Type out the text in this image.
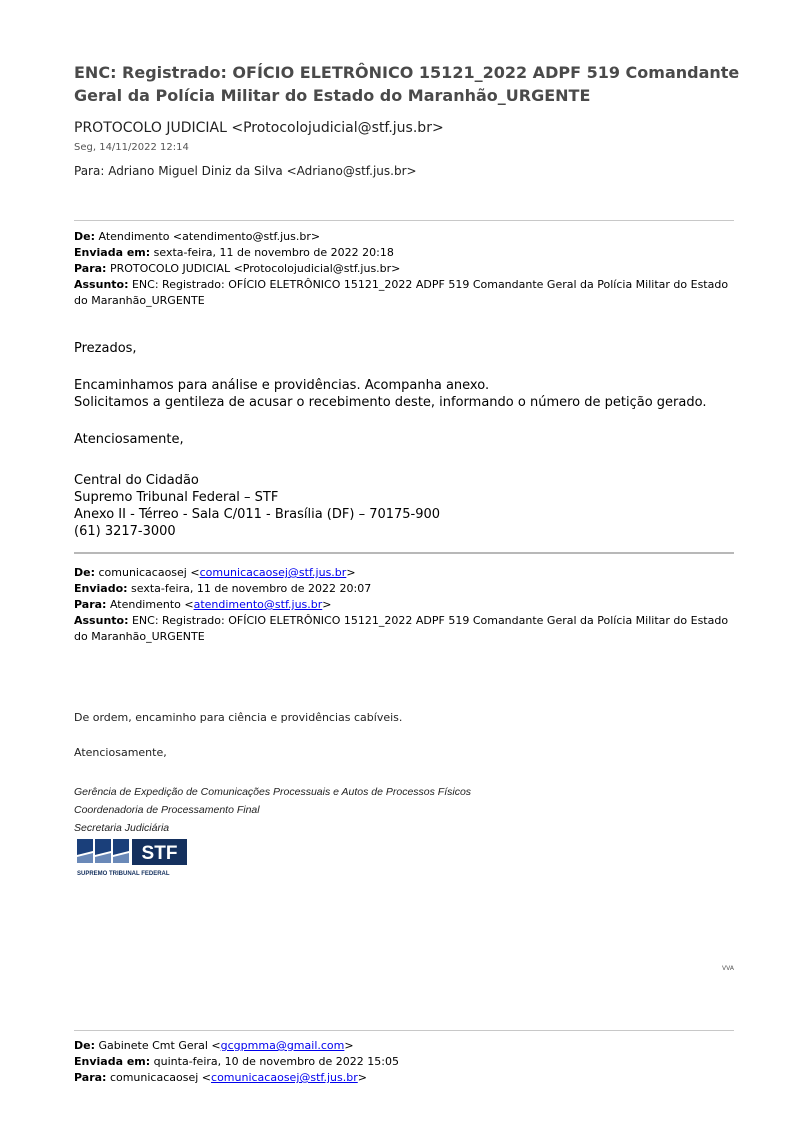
ENC: Registrado: OFÍCIO ELETRÔNICO 15121_2022 ADPF 519 Comandante Geral da Polícia Militar do Estado do Maranhão_URGENTE
PROTOCOLO JUDICIAL <Protocolojudicial@stf.jus.br>
Seg, 14/11/2022 12:14
Para: Adriano Miguel Diniz da Silva <Adriano@stf.jus.br>
De: Atendimento <atendimento@stf.jus.br>
Enviada em: sexta-feira, 11 de novembro de 2022 20:18
Para: PROTOCOLO JUDICIAL <Protocolojudicial@stf.jus.br>
Assunto: ENC: Registrado: OFÍCIO ELETRÔNICO 15121_2022 ADPF 519 Comandante Geral da Polícia Militar do Estado do Maranhão_URGENTE
Prezados,
Encaminhamos para análise e providências. Acompanha anexo.
Solicitamos a gentileza de acusar o recebimento deste, informando o número de petição gerado.
Atenciosamente,
Central do Cidadão
Supremo Tribunal Federal – STF
Anexo II - Térreo - Sala C/011 - Brasília (DF) – 70175-900
(61) 3217-3000
De: comunicacaosej <comunicacaosej@stf.jus.br>
Enviado: sexta-feira, 11 de novembro de 2022 20:07
Para: Atendimento <atendimento@stf.jus.br>
Assunto: ENC: Registrado: OFÍCIO ELETRÔNICO 15121_2022 ADPF 519 Comandante Geral da Polícia Militar do Estado do Maranhão_URGENTE
De ordem, encaminho para ciência e providências cabíveis.
Atenciosamente,
Gerência de Expedição de Comunicações Processuais e Autos de Processos Físicos
Coordenadoria de Processamento Final
Secretaria Judiciária
STF
SUPREMO TRIBUNAL FEDERAL
VVA
De: Gabinete Cmt Geral <gcgpmma@gmail.com>
Enviada em: quinta-feira, 10 de novembro de 2022 15:05
Para: comunicacaosej <comunicacaosej@stf.jus.br>
